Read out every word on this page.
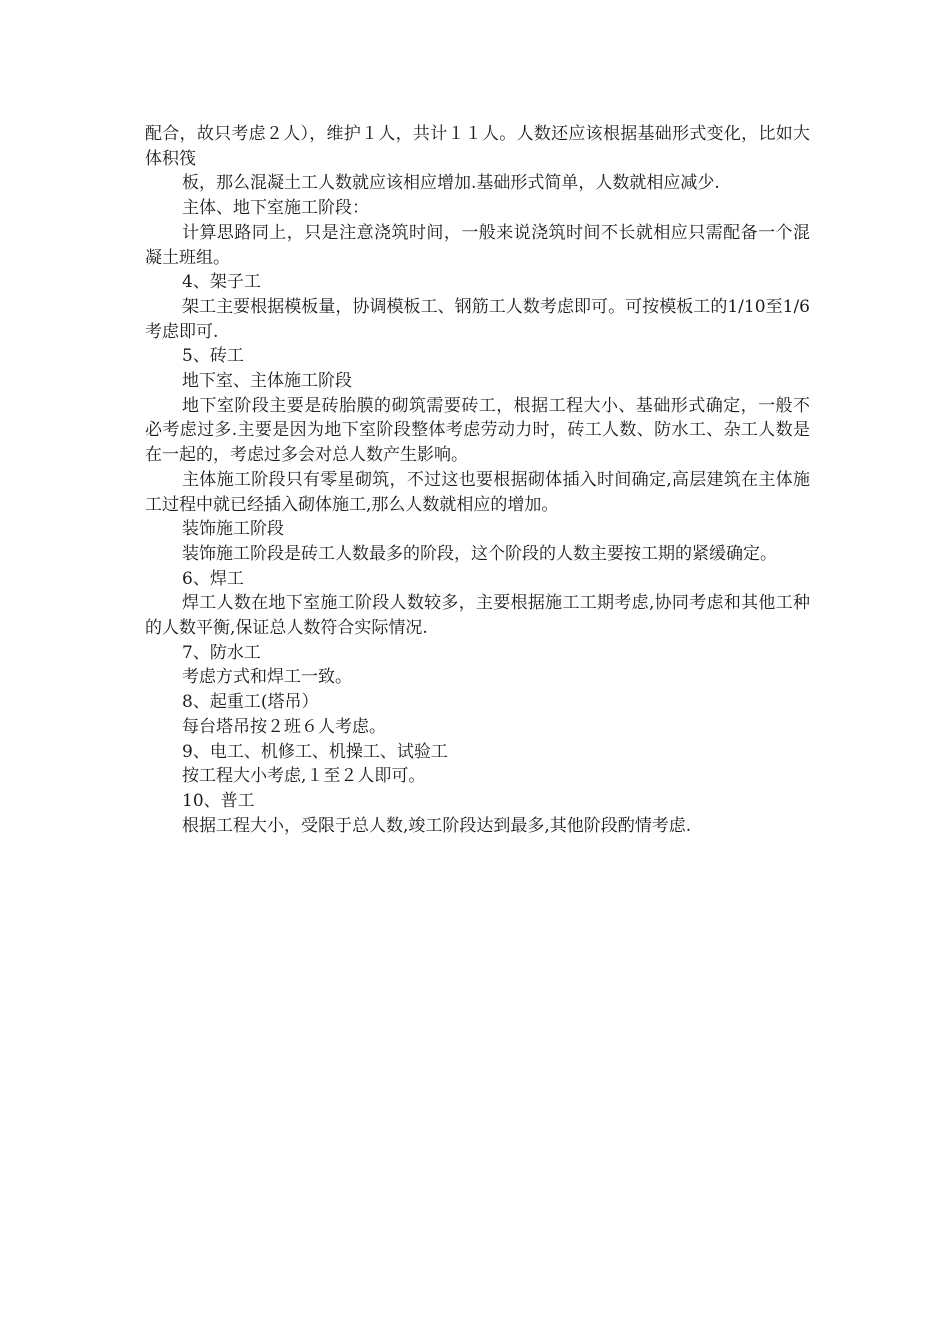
配合，故只考虑２人），维护１人，共计１１人。人数还应该根据基础形式变化，比如大体积筏

板，那么混凝土工人数就应该相应增加.基础形式简单，人数就相应减少.

主体、地下室施工阶段：

计算思路同上，只是注意浇筑时间，一般来说浇筑时间不长就相应只需配备一个混凝土班组。

4、架子工

架工主要根据模板量，协调模板工、钢筋工人数考虑即可。可按模板工的1/10至1/6考虑即可.

5、砖工

地下室、主体施工阶段

地下室阶段主要是砖胎膜的砌筑需要砖工，根据工程大小、基础形式确定，一般不必考虑过多.主要是因为地下室阶段整体考虑劳动力时，砖工人数、防水工、杂工人数是在一起的，考虑过多会对总人数产生影响。

主体施工阶段只有零星砌筑，不过这也要根据砌体插入时间确定,高层建筑在主体施工过程中就已经插入砌体施工,那么人数就相应的增加。

装饰施工阶段

装饰施工阶段是砖工人数最多的阶段，这个阶段的人数主要按工期的紧缓确定。

6、焊工

焊工人数在地下室施工阶段人数较多，主要根据施工工期考虑,协同考虑和其他工种的人数平衡,保证总人数符合实际情况.

7、防水工

考虑方式和焊工一致。

8、起重工(塔吊）

每台塔吊按２班６人考虑。

9、电工、机修工、机操工、试验工

按工程大小考虑,１至２人即可。

10、普工

根据工程大小，受限于总人数,竣工阶段达到最多,其他阶段酌情考虑.
